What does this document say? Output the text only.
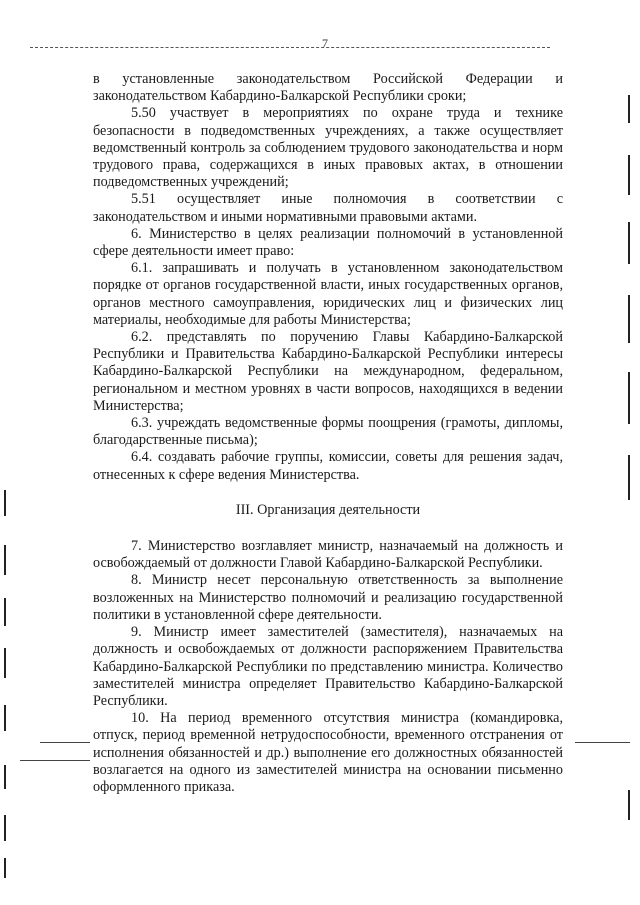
7

в установленные законодательством Российской Федерации и законодательством Кабардино-Балкарской Республики сроки;

5.50 участвует в мероприятиях по охране труда и технике безопасности в подведомственных учреждениях, а также осуществляет ведомственный контроль за соблюдением трудового законодательства и норм трудового права, содержащихся в иных правовых актах, в отношении подведомственных учреждений;

5.51 осуществляет иные полномочия в соответствии с законодательством и иными нормативными правовыми актами.

6. Министерство в целях реализации полномочий в установленной сфере деятельности имеет право:

6.1. запрашивать и получать в установленном законодательством порядке от органов государственной власти, иных государственных органов, органов местного самоуправления, юридических лиц и физических лиц материалы, необходимые для работы Министерства;

6.2. представлять по поручению Главы Кабардино-Балкарской Республики и Правительства Кабардино-Балкарской Республики интересы Кабардино-Балкарской Республики на международном, федеральном, региональном и местном уровнях в части вопросов, находящихся в ведении Министерства;

6.3. учреждать ведомственные формы поощрения (грамоты, дипломы, благодарственные письма);

6.4. создавать рабочие группы, комиссии, советы для решения задач, отнесенных к сфере ведения Министерства.

III. Организация деятельности

7. Министерство возглавляет министр, назначаемый на должность и освобождаемый от должности Главой Кабардино-Балкарской Республики.

8. Министр несет персональную ответственность за выполнение возложенных на Министерство полномочий и реализацию государственной политики в установленной сфере деятельности.

9. Министр имеет заместителей (заместителя), назначаемых на должность и освобождаемых от должности распоряжением Правительства Кабардино-Балкарской Республики по представлению министра. Количество заместителей министра определяет Правительство Кабардино-Балкарской Республики.

10. На период временного отсутствия министра (командировка, отпуск, период временной нетрудоспособности, временного отстранения от исполнения обязанностей и др.) выполнение его должностных обязанностей возлагается на одного из заместителей министра на основании письменно оформленного приказа.
